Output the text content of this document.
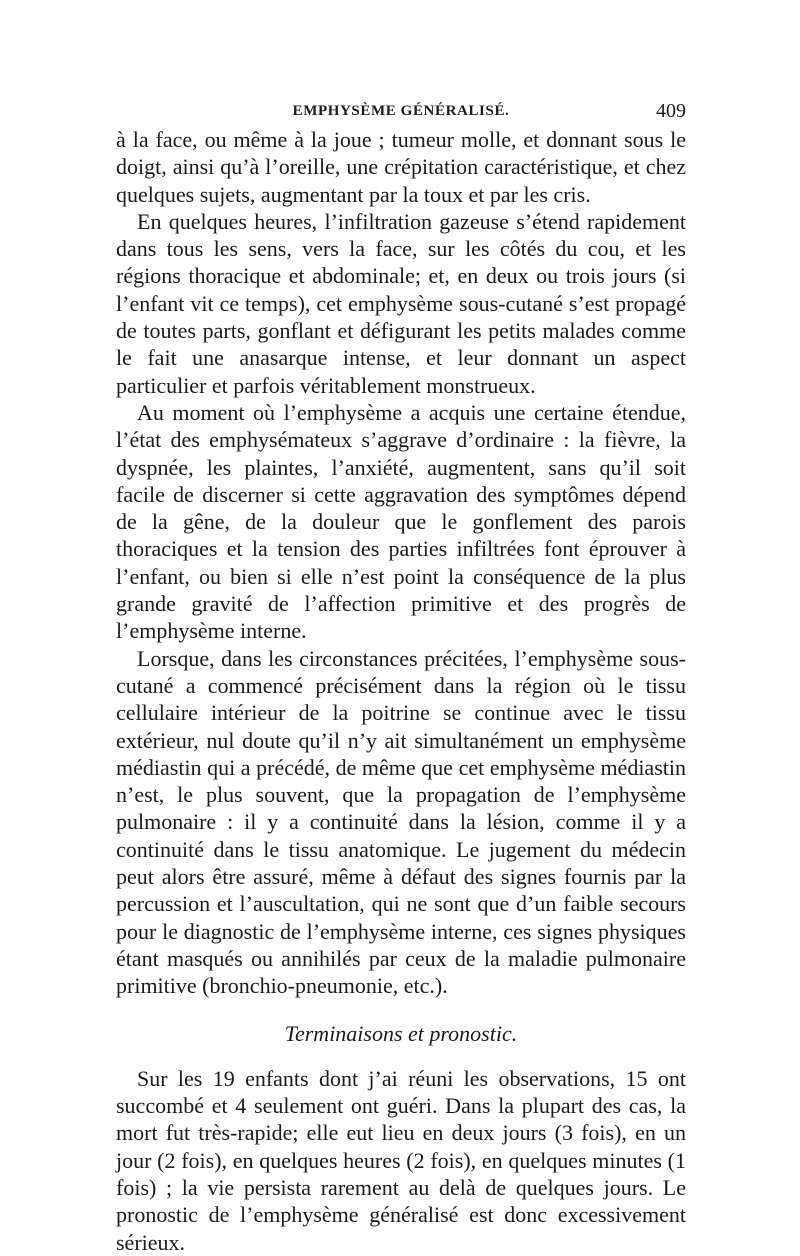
EMPHYSÈME GÉNÉRALISÉ.	409

à la face, ou même à la joue ; tumeur molle, et donnant sous le doigt, ainsi qu’à l’oreille, une crépitation caractéristique, et chez quelques sujets, augmentant par la toux et par les cris.

En quelques heures, l’infiltration gazeuse s’étend rapidement dans tous les sens, vers la face, sur les côtés du cou, et les régions thoracique et abdominale; et, en deux ou trois jours (si l’enfant vit ce temps), cet emphysème sous-cutané s’est propagé de toutes parts, gonflant et défigurant les petits malades comme le fait une anasarque intense, et leur donnant un aspect particulier et parfois véritablement monstrueux.

Au moment où l’emphysème a acquis une certaine étendue, l’état des emphysémateux s’aggrave d’ordinaire : la fièvre, la dyspnée, les plaintes, l’anxiété, augmentent, sans qu’il soit facile de discerner si cette aggravation des symptômes dépend de la gêne, de la douleur que le gonflement des parois thoraciques et la tension des parties infiltrées font éprouver à l’enfant, ou bien si elle n’est point la conséquence de la plus grande gravité de l’affection primitive et des progrès de l’emphysème interne.

Lorsque, dans les circonstances précitées, l’emphysème sous-cutané a commencé précisément dans la région où le tissu cellulaire intérieur de la poitrine se continue avec le tissu extérieur, nul doute qu’il n’y ait simultanément un emphysème médiastin qui a précédé, de même que cet emphysème médiastin n’est, le plus souvent, que la propagation de l’emphysème pulmonaire : il y a continuité dans la lésion, comme il y a continuité dans le tissu anatomique. Le jugement du médecin peut alors être assuré, même à défaut des signes fournis par la percussion et l’auscultation, qui ne sont que d’un faible secours pour le diagnostic de l’emphysème interne, ces signes physiques étant masqués ou annihilés par ceux de la maladie pulmonaire primitive (bronchio-pneumonie, etc.).

Terminaisons et pronostic.

Sur les 19 enfants dont j’ai réuni les observations, 15 ont succombé et 4 seulement ont guéri. Dans la plupart des cas, la mort fut très-rapide; elle eut lieu en deux jours (3 fois), en un jour (2 fois), en quelques heures (2 fois), en quelques minutes (1 fois) ; la vie persista rarement au delà de quelques jours. Le pronostic de l’emphysème généralisé est donc excessivement sérieux.
